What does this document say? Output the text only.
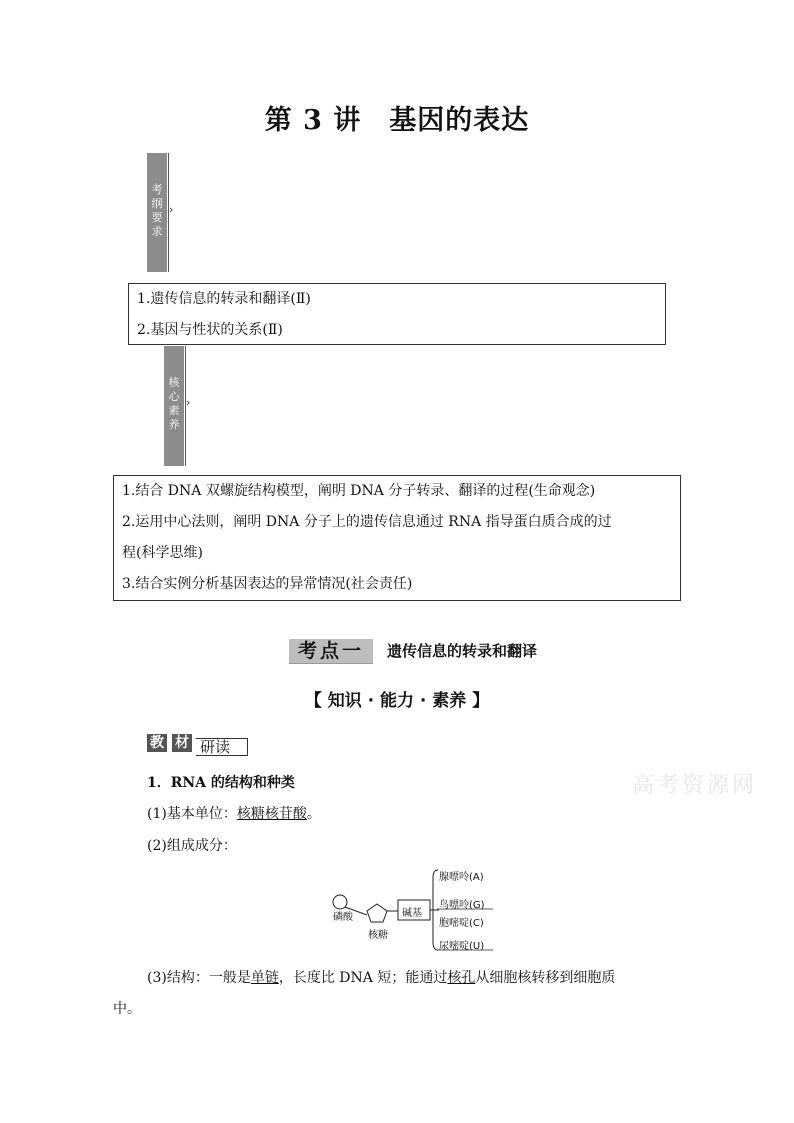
第 3 讲　基因的表达
考
纲
要
求
›

1.遗传信息的转录和翻译(Ⅱ)

2.基因与性状的关系(Ⅱ)

核
心
素
养
›

1.结合 DNA 双螺旋结构模型，阐明 DNA 分子转录、翻译的过程(生命观念)

2.运用中心法则，阐明 DNA 分子上的遗传信息通过 RNA 指导蛋白质合成的过

程(科学思维)

3.结合实例分析基因表达的异常情况(社会责任)

考点一	遗传信息的转录和翻译
【 知识 · 能力 · 素养 】
教 材 研读
高考资源网
1．RNA 的结构和种类
(1)基本单位：核糖核苷酸。
(2)组成成分：
磷酸
核糖
碱基
腺嘌呤(A)
鸟嘌呤(G)
胞嘧啶(C)
尿嘧啶(U)
(3)结构：一般是单链，长度比 DNA 短；能通过核孔从细胞核转移到细胞质
中。
